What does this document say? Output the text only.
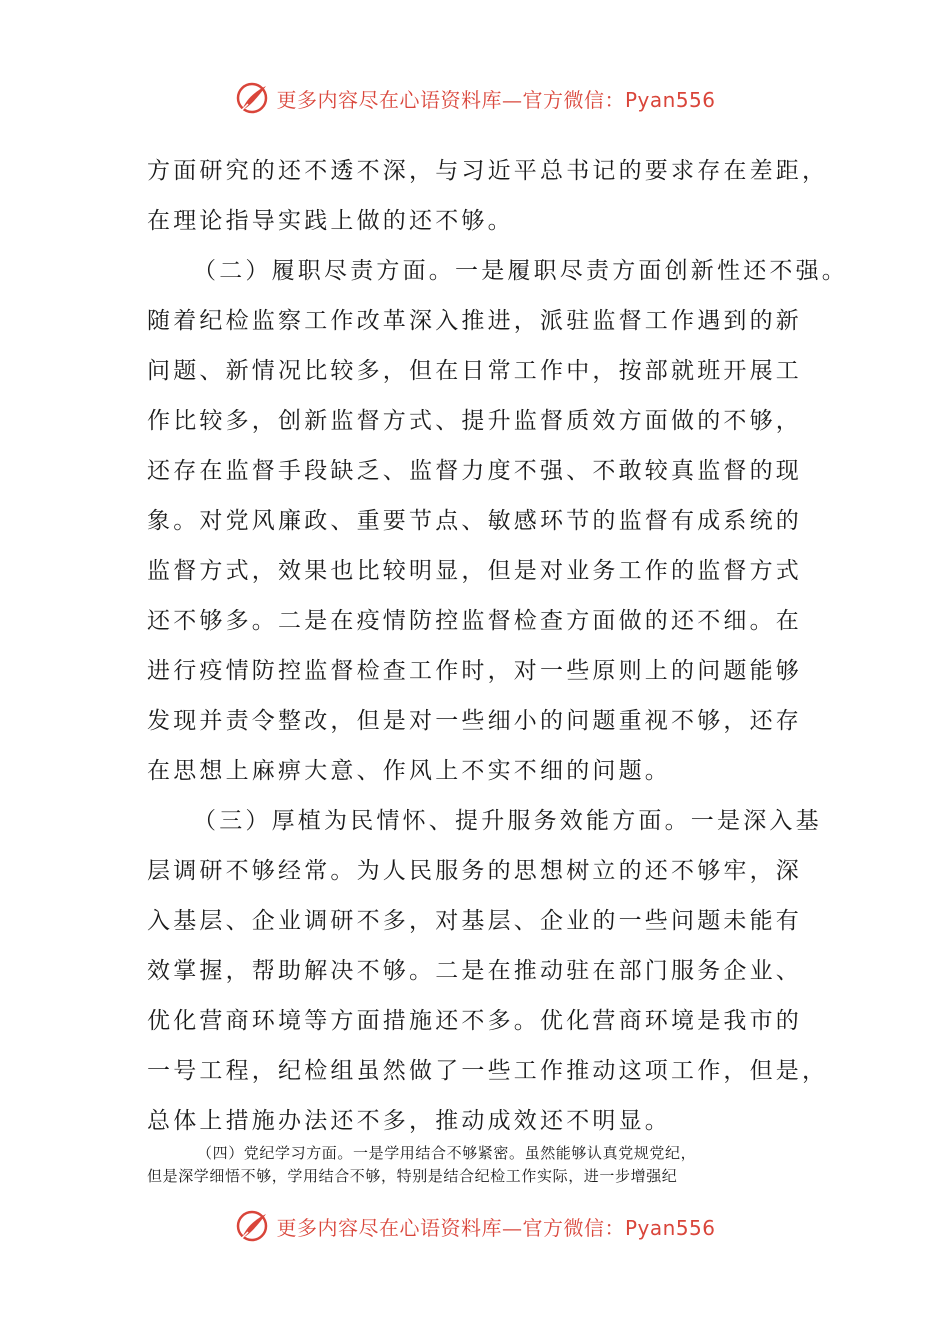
更多内容尽在心语资料库—官方微信：Pyan556
方面研究的还不透不深，与习近平总书记的要求存在差距，
在理论指导实践上做的还不够。
（二）履职尽责方面。一是履职尽责方面创新性还不强。
随着纪检监察工作改革深入推进，派驻监督工作遇到的新
问题、新情况比较多，但在日常工作中，按部就班开展工
作比较多，创新监督方式、提升监督质效方面做的不够，
还存在监督手段缺乏、监督力度不强、不敢较真监督的现
象。对党风廉政、重要节点、敏感环节的监督有成系统的
监督方式，效果也比较明显，但是对业务工作的监督方式
还不够多。二是在疫情防控监督检查方面做的还不细。在
进行疫情防控监督检查工作时，对一些原则上的问题能够
发现并责令整改，但是对一些细小的问题重视不够，还存
在思想上麻痹大意、作风上不实不细的问题。
（三）厚植为民情怀、提升服务效能方面。一是深入基
层调研不够经常。为人民服务的思想树立的还不够牢，深
入基层、企业调研不多，对基层、企业的一些问题未能有
效掌握，帮助解决不够。二是在推动驻在部门服务企业、
优化营商环境等方面措施还不多。优化营商环境是我市的
一号工程，纪检组虽然做了一些工作推动这项工作，但是，
总体上措施办法还不多，推动成效还不明显。
（四）党纪学习方面。一是学用结合不够紧密。虽然能够认真党规党纪，
但是深学细悟不够，学用结合不够，特别是结合纪检工作实际，进一步增强纪
更多内容尽在心语资料库—官方微信：Pyan556
